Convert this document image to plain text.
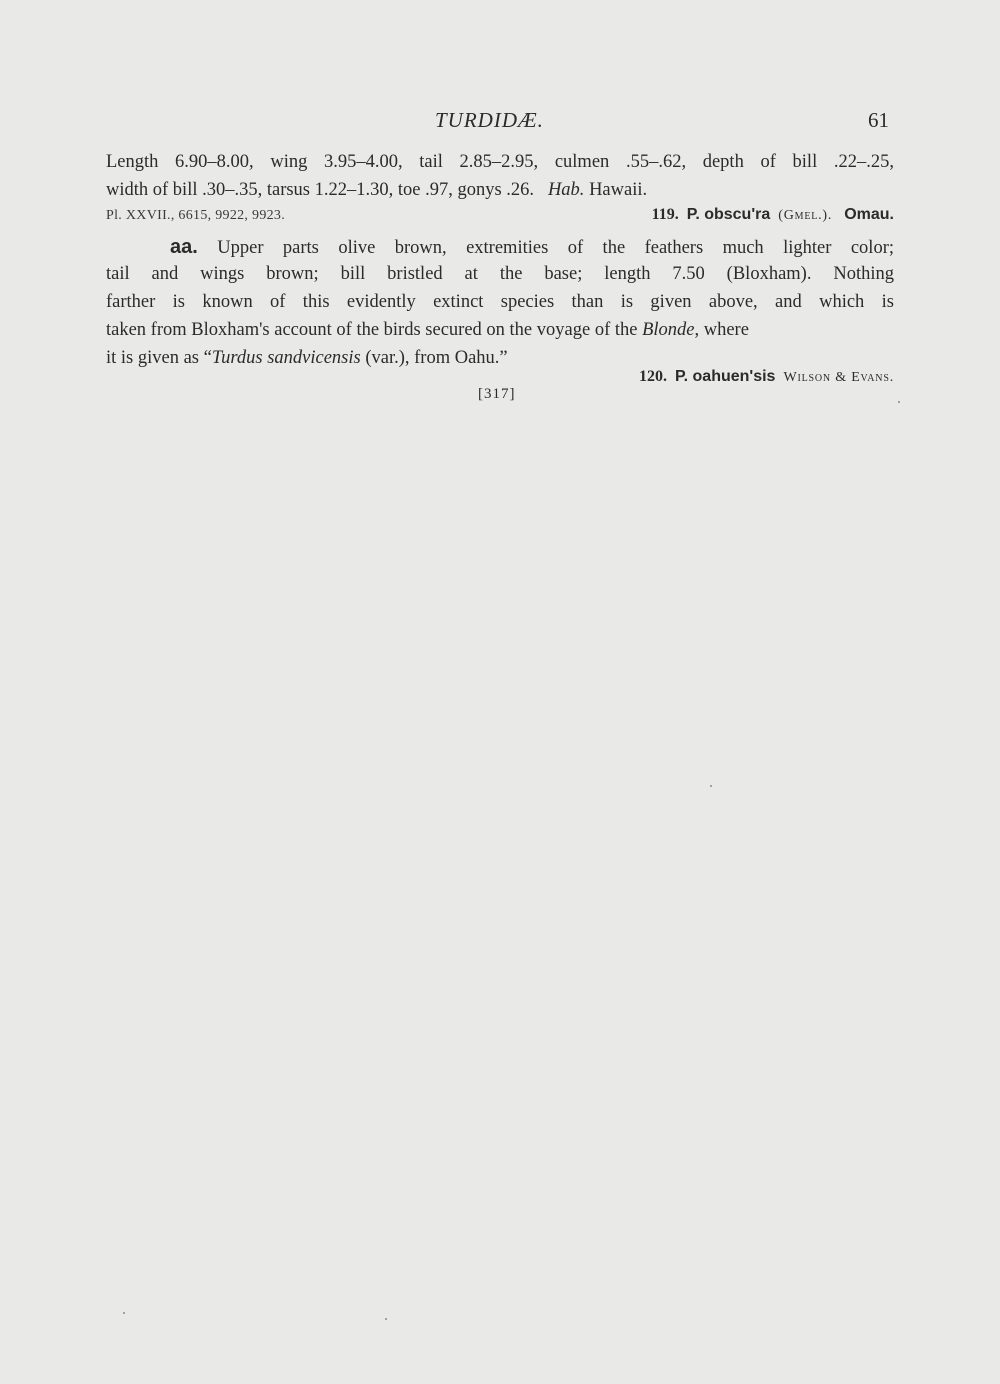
TURDIDÆ.	61
Length 6.90–8.00, wing 3.95–4.00, tail 2.85–2.95, culmen .55–.62, depth of bill .22–.25,
width of bill .30–.35, tarsus 1.22–1.30, toe .97, gonys .26. Hab. Hawaii.
Pl. XXVII., 6615, 9922, 9923.	119. P. obscu'ra (Gmel.). Omau.
aa. Upper parts olive brown, extremities of the feathers much lighter color;
tail and wings brown; bill bristled at the base; length 7.50 (Bloxham). Nothing
farther is known of this evidently extinct species than is given above, and which is
taken from Bloxham's account of the birds secured on the voyage of the Blonde, where
it is given as “Turdus sandvicensis (var.), from Oahu.”
120. P. oahuen'sis Wilson & Evans.
[317]
